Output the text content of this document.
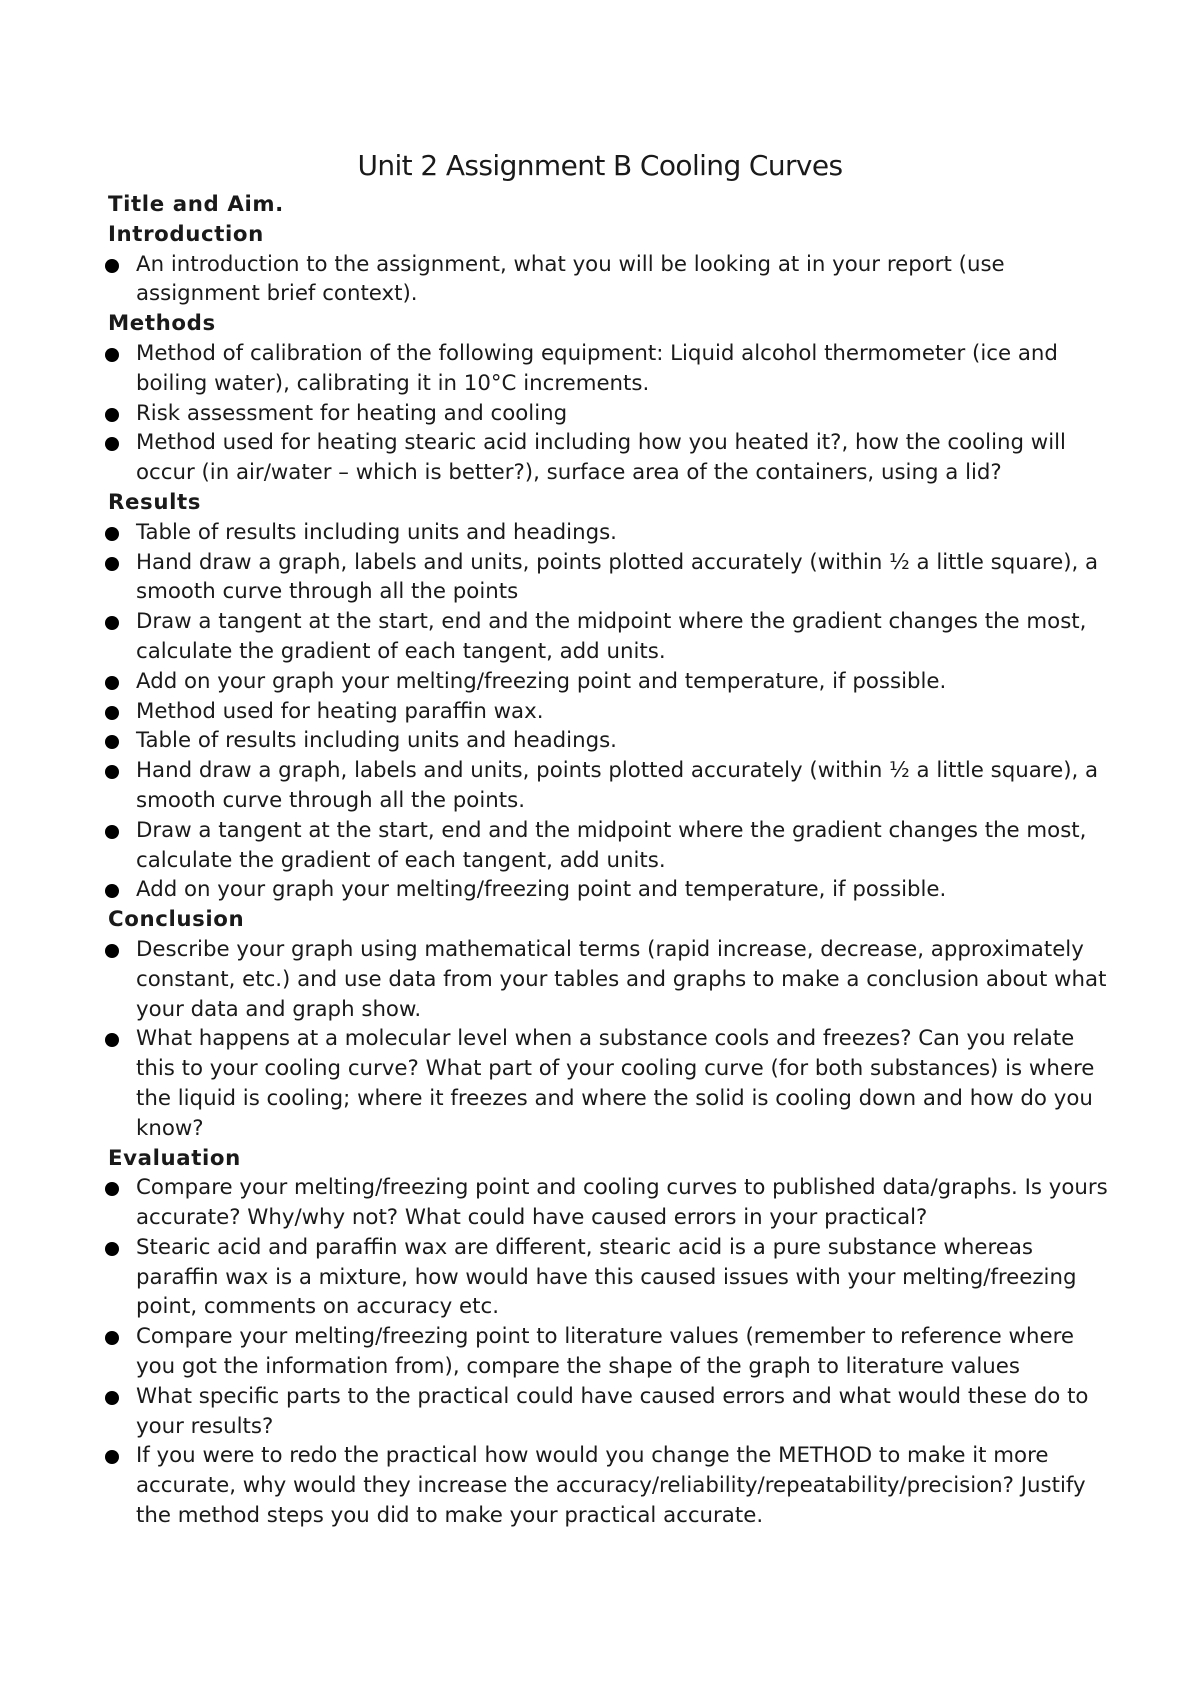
Unit 2 Assignment B Cooling Curves
Title and Aim.
Introduction
An introduction to the assignment, what you will be looking at in your report (use assignment brief context).
Methods
Method of calibration of the following equipment: Liquid alcohol thermometer (ice and boiling water), calibrating it in 10°C increments.
Risk assessment for heating and cooling
Method used for heating stearic acid including how you heated it?, how the cooling will occur (in air/water – which is better?), surface area of the containers, using a lid?
Results
Table of results including units and headings.
Hand draw a graph, labels and units, points plotted accurately (within ½ a little square), a smooth curve through all the points
Draw a tangent at the start, end and the midpoint where the gradient changes the most, calculate the gradient of each tangent, add units.
Add on your graph your melting/freezing point and temperature, if possible.
Method used for heating paraffin wax.
Table of results including units and headings.
Hand draw a graph, labels and units, points plotted accurately (within ½ a little square), a smooth curve through all the points.
Draw a tangent at the start, end and the midpoint where the gradient changes the most, calculate the gradient of each tangent, add units.
Add on your graph your melting/freezing point and temperature, if possible.
Conclusion
Describe your graph using mathematical terms (rapid increase, decrease, approximately constant, etc.) and use data from your tables and graphs to make a conclusion about what your data and graph show.
What happens at a molecular level when a substance cools and freezes? Can you relate this to your cooling curve? What part of your cooling curve (for both substances) is where the liquid is cooling; where it freezes and where the solid is cooling down and how do you know?
Evaluation
Compare your melting/freezing point and cooling curves to published data/graphs. Is yours accurate? Why/why not? What could have caused errors in your practical?
Stearic acid and paraffin wax are different, stearic acid is a pure substance whereas paraffin wax is a mixture, how would have this caused issues with your melting/freezing point, comments on accuracy etc.
Compare your melting/freezing point to literature values (remember to reference where you got the information from), compare the shape of the graph to literature values
What specific parts to the practical could have caused errors and what would these do to your results?
If you were to redo the practical how would you change the METHOD to make it more accurate, why would they increase the accuracy/reliability/repeatability/precision? Justify the method steps you did to make your practical accurate.
